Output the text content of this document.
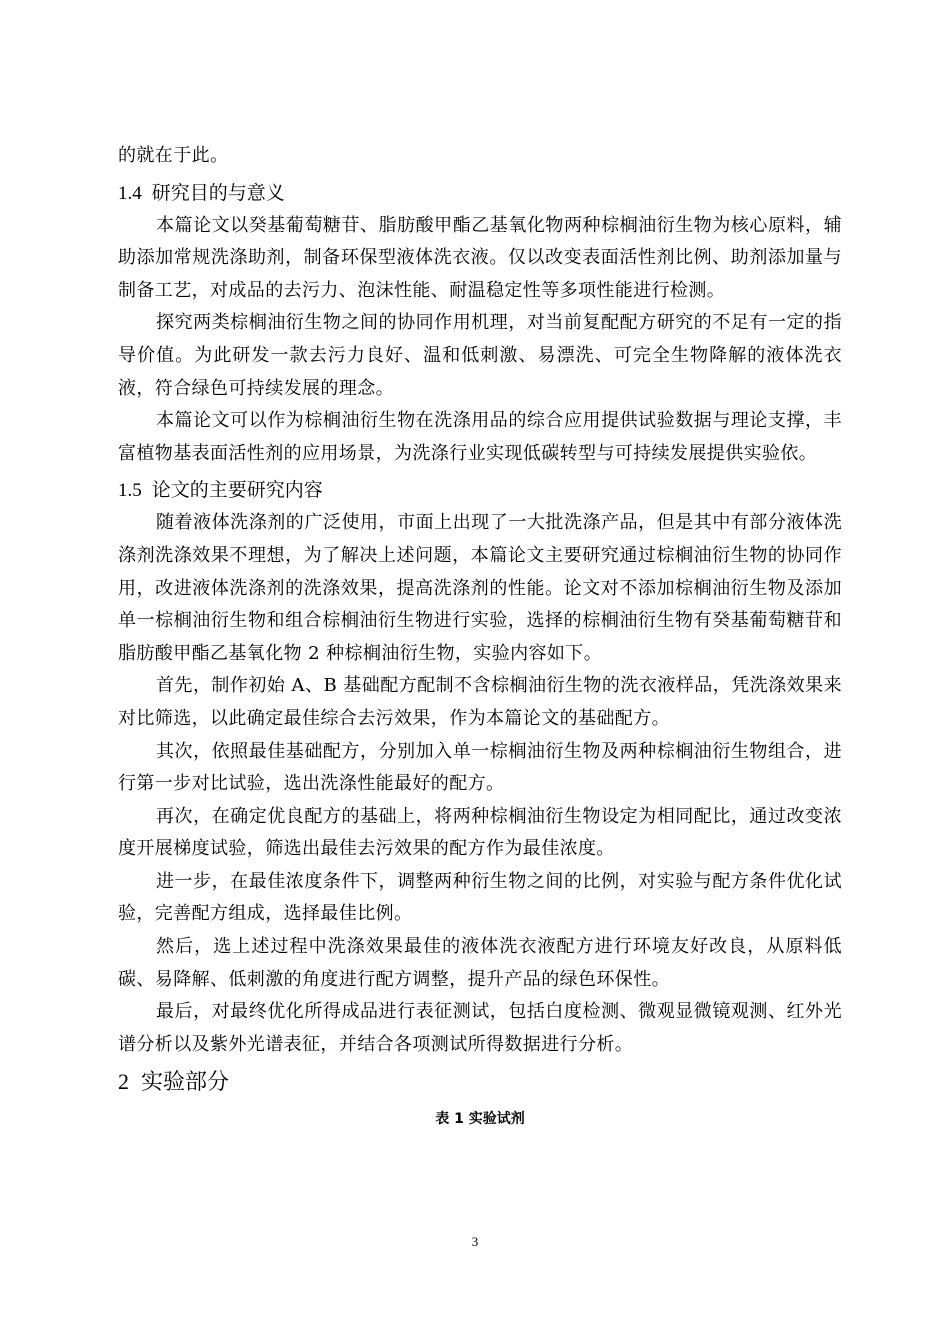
的就在于此。

1.4 研究目的与意义

本篇论文以癸基葡萄糖苷、脂肪酸甲酯乙基氧化物两种棕榈油衍生物为核心原料，辅助添加常规洗涤助剂，制备环保型液体洗衣液。仅以改变表面活性剂比例、助剂添加量与制备工艺，对成品的去污力、泡沫性能、耐温稳定性等多项性能进行检测。

探究两类棕榈油衍生物之间的协同作用机理，对当前复配配方研究的不足有一定的指导价值。为此研发一款去污力良好、温和低刺激、易漂洗、可完全生物降解的液体洗衣液，符合绿色可持续发展的理念。

本篇论文可以作为棕榈油衍生物在洗涤用品的综合应用提供试验数据与理论支撑，丰富植物基表面活性剂的应用场景，为洗涤行业实现低碳转型与可持续发展提供实验依。

1.5 论文的主要研究内容

随着液体洗涤剂的广泛使用，市面上出现了一大批洗涤产品，但是其中有部分液体洗涤剂洗涤效果不理想，为了解决上述问题，本篇论文主要研究通过棕榈油衍生物的协同作用，改进液体洗涤剂的洗涤效果，提高洗涤剂的性能。论文对不添加棕榈油衍生物及添加单一棕榈油衍生物和组合棕榈油衍生物进行实验，选择的棕榈油衍生物有癸基葡萄糖苷和脂肪酸甲酯乙基氧化物 2 种棕榈油衍生物，实验内容如下。

首先，制作初始 A、B 基础配方配制不含棕榈油衍生物的洗衣液样品，凭洗涤效果来对比筛选，以此确定最佳综合去污效果，作为本篇论文的基础配方。

其次，依照最佳基础配方，分别加入单一棕榈油衍生物及两种棕榈油衍生物组合，进行第一步对比试验，选出洗涤性能最好的配方。

再次，在确定优良配方的基础上，将两种棕榈油衍生物设定为相同配比，通过改变浓度开展梯度试验，筛选出最佳去污效果的配方作为最佳浓度。

进一步，在最佳浓度条件下，调整两种衍生物之间的比例，对实验与配方条件优化试验，完善配方组成，选择最佳比例。

然后，选上述过程中洗涤效果最佳的液体洗衣液配方进行环境友好改良，从原料低碳、易降解、低刺激的角度进行配方调整，提升产品的绿色环保性。

最后，对最终优化所得成品进行表征测试，包括白度检测、微观显微镜观测、红外光谱分析以及紫外光谱表征，并结合各项测试所得数据进行分析。

2 实验部分

表 1 实验试剂

3
